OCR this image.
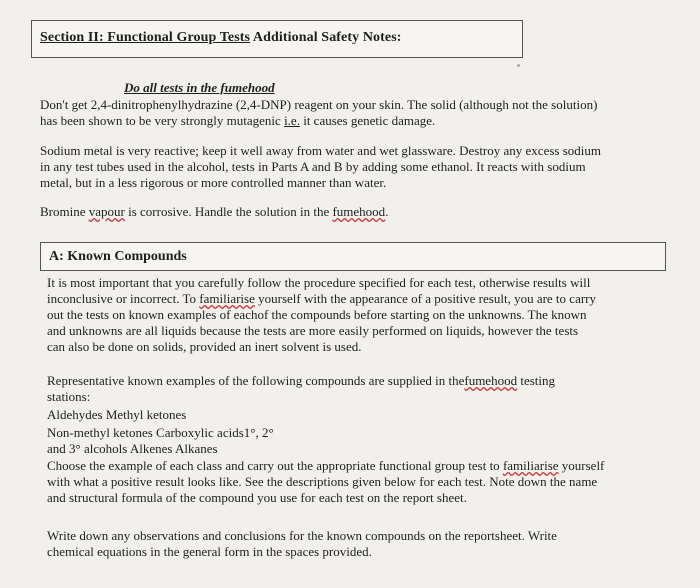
Section II: Functional Group Tests Additional Safety Notes:
Do all tests in the fumehood
Don't get 2,4-dinitrophenylhydrazine (2,4-DNP) reagent on your skin. The solid (although not the solution)
has been shown to be very strongly mutagenic i.e. it causes genetic damage.
Sodium metal is very reactive; keep it well away from water and wet glassware. Destroy any excess sodium
in any test tubes used in the alcohol, tests in Parts A and B by adding some ethanol. It reacts with sodium
metal, but in a less rigorous or more controlled manner than water.
Bromine vapour is corrosive. Handle the solution in the fumehood.
A: Known Compounds
It is most important that you carefully follow the procedure specified for each test, otherwise results will
inconclusive or incorrect. To familiarise yourself with the appearance of a positive result, you are to carry
out the tests on known examples of eachof the compounds before starting on the unknowns. The known
and unknowns are all liquids because the tests are more easily performed on liquids, however the tests
can also be done on solids, provided an inert solvent is used.
Representative known examples of the following compounds are supplied in thefumehood testing
stations:
Aldehydes Methyl ketones
Non-methyl ketones Carboxylic acids1°, 2°
and 3° alcohols Alkenes Alkanes
Choose the example of each class and carry out the appropriate functional group test to familiarise yourself
with what a positive result looks like. See the descriptions given below for each test. Note down the name
and structural formula of the compound you use for each test on the report sheet.
Write down any observations and conclusions for the known compounds on the reportsheet. Write
chemical equations in the general form in the spaces provided.
